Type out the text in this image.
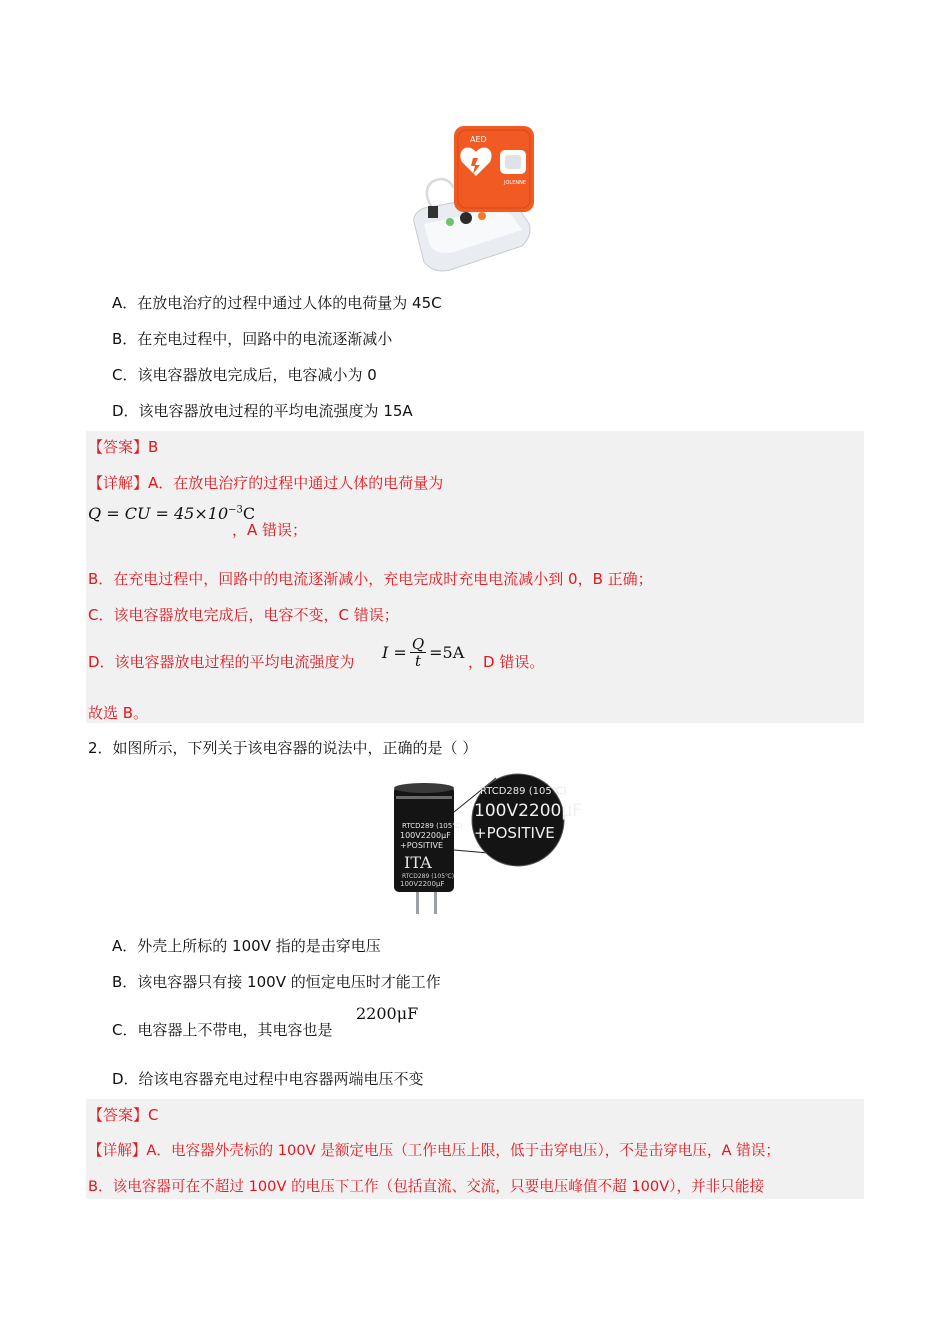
AED
JOLENNE
A．在放电治疗的过程中通过人体的电荷量为 45C
B．在充电过程中，回路中的电流逐渐减小
C．该电容器放电完成后，电容减小为 0
D．该电容器放电过程的平均电流强度为 15A
【答案】B
【详解】A．在放电治疗的过程中通过人体的电荷量为
Q = CU = $45\times 10^{-3}C$
，A 错误；
B．在充电过程中，回路中的电流逐渐减小，充电完成时充电电流减小到 0，B 正确；
C．该电容器放电完成后，电容不变，C 错误；
D．该电容器放电过程的平均电流强度为 $I = \frac{Q}{t} =5A$ ，D 错误。
故选 B。
2．如图所示，下列关于该电容器的说法中，正确的是（ ）
RTCD289 (105℃)
100V2200μF
+POSITIVE
ITA
RTCD289 (105℃)
100V2200μF
RTCD289 (105℃)
100V2200μF
+POSITIVE
A．外壳上所标的 100V 指的是击穿电压
B．该电容器只有接 100V 的恒定电压时才能工作
C．电容器上不带电，其电容也是
2200μF
D．给该电容器充电过程中电容器两端电压不变
【答案】C
【详解】A．电容器外壳标的 100V 是额定电压（工作电压上限，低于击穿电压），不是击穿电压，A 错误；
B．该电容器可在不超过 100V 的电压下工作（包括直流、交流，只要电压峰值不超 100V），并非只能接
